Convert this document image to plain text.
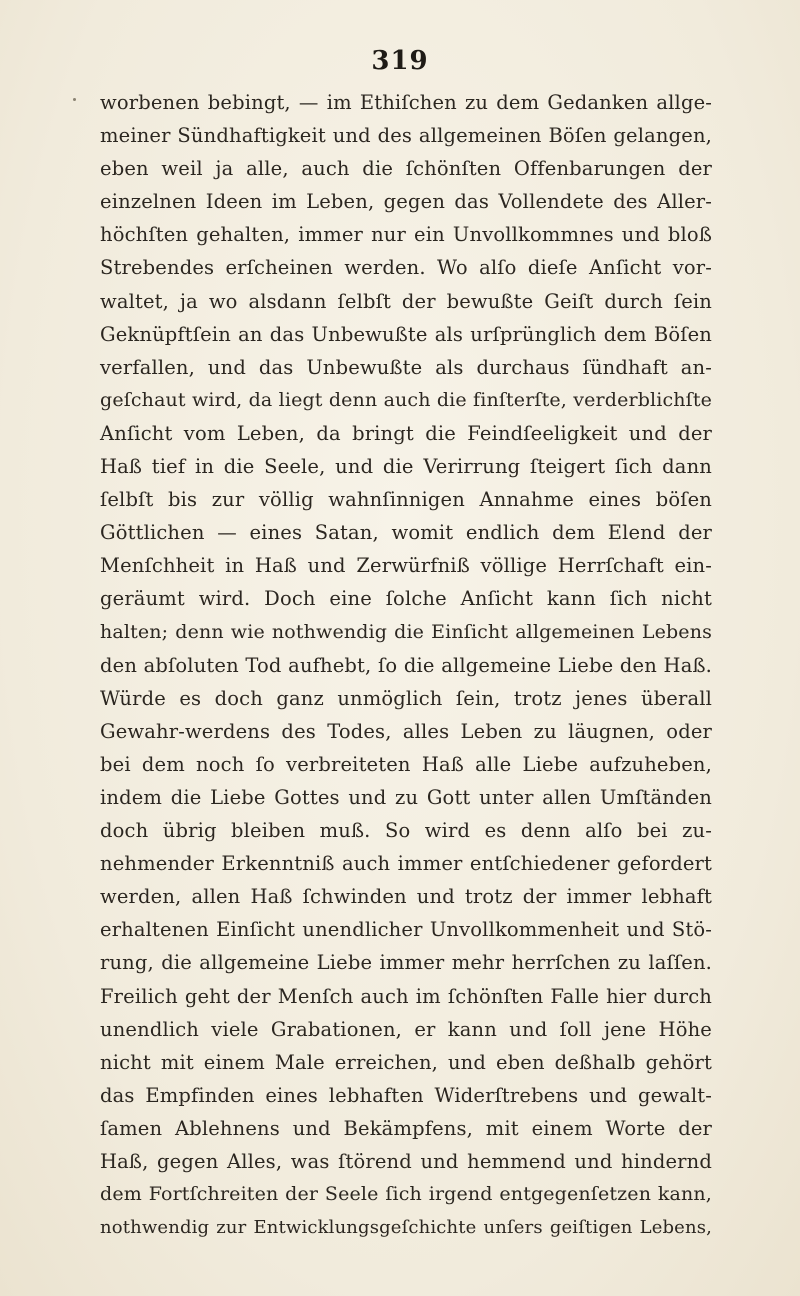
319
worbenen bebingt, — im Ethiſchen zu dem Gedanken allge-
meiner Sündhaftigkeit und des allgemeinen Böſen gelangen,
eben weil ja alle, auch die ſchönſten Offenbarungen der
einzelnen Ideen im Leben, gegen das Vollendete des Aller-
höchſten gehalten, immer nur ein Unvollkommnes und bloß
Strebendes erſcheinen werden. Wo alſo dieſe Anſicht vor-
waltet, ja wo alsdann ſelbſt der bewußte Geiſt durch ſein
Geknüpftſein an das Unbewußte als urſprünglich dem Böſen
verfallen, und das Unbewußte als durchaus ſündhaft an-
geſchaut wird, da liegt denn auch die finſterſte, verderblichſte
Anſicht vom Leben, da bringt die Feindſeeligkeit und der
Haß tief in die Seele, und die Verirrung ſteigert ſich dann
ſelbſt bis zur völlig wahnſinnigen Annahme eines böſen
Göttlichen — eines Satan, womit endlich dem Elend der
Menſchheit in Haß und Zerwürfniß völlige Herrſchaft ein-
geräumt wird. Doch eine ſolche Anſicht kann ſich nicht
halten; denn wie nothwendig die Einſicht allgemeinen Lebens
den abſoluten Tod aufhebt, ſo die allgemeine Liebe den Haß.
Würde es doch ganz unmöglich ſein, trotz jenes überall
Gewahr-werdens des Todes, alles Leben zu läugnen, oder
bei dem noch ſo verbreiteten Haß alle Liebe aufzuheben,
indem die Liebe Gottes und zu Gott unter allen Umſtänden
doch übrig bleiben muß. So wird es denn alſo bei zu-
nehmender Erkenntniß auch immer entſchiedener gefordert
werden, allen Haß ſchwinden und trotz der immer lebhaft
erhaltenen Einſicht unendlicher Unvollkommenheit und Stö-
rung, die allgemeine Liebe immer mehr herrſchen zu laſſen.
Freilich geht der Menſch auch im ſchönſten Falle hier durch
unendlich viele Grabationen, er kann und ſoll jene Höhe
nicht mit einem Male erreichen, und eben deßhalb gehört
das Empfinden eines lebhaften Widerſtrebens und gewalt-
ſamen Ablehnens und Bekämpfens, mit einem Worte der
Haß, gegen Alles, was ſtörend und hemmend und hindernd
dem Fortſchreiten der Seele ſich irgend entgegenſetzen kann,
nothwendig zur Entwicklungsgeſchichte unſers geiſtigen Lebens,
